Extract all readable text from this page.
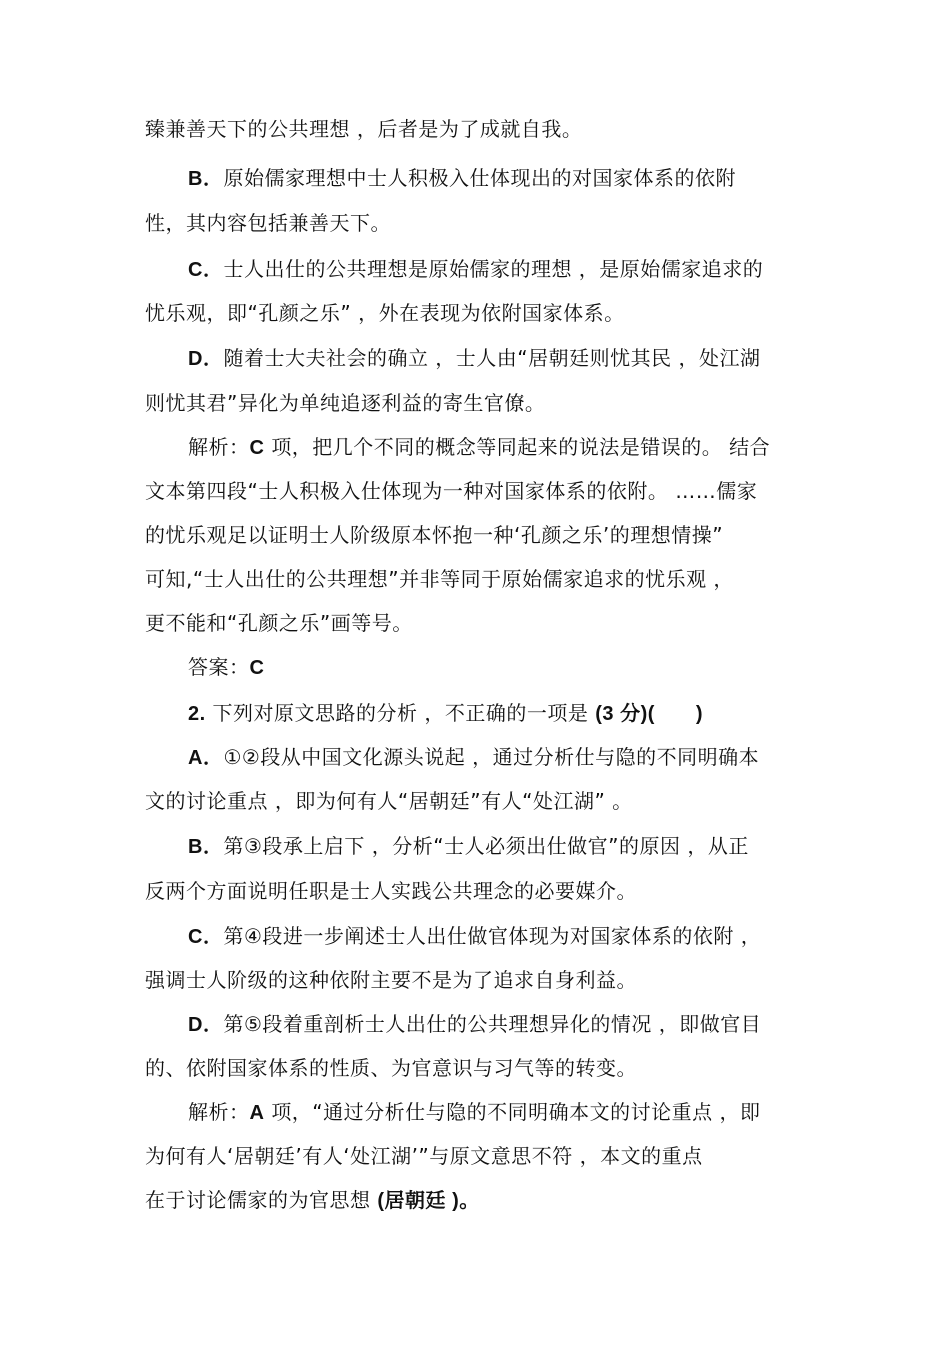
臻兼善天下的公共理想 ，后者是为了成就自我。
B．原始儒家理想中士人积极入仕体现出的对国家体系的依附
性，其内容包括兼善天下。
C．士人出仕的公共理想是原始儒家的理想 ，是原始儒家追求的
忧乐观，即“孔颜之乐” ，外在表现为依附国家体系。
D．随着士大夫社会的确立 ，士人由“居朝廷则忧其民 ，处江湖
则忧其君”异化为单纯追逐利益的寄生官僚。
解析：C 项，把几个不同的概念等同起来的说法是错误的。 结合
文本第四段“士人积极入仕体现为一种对国家体系的依附。 ……儒家
的忧乐观足以证明士人阶级原本怀抱一种‘孔颜之乐’的理想情操”
可知,“士人出仕的公共理想”并非等同于原始儒家追求的忧乐观 ，
更不能和“孔颜之乐”画等号。
答案：C
2. 下列对原文思路的分析 ，不正确的一项是 (3 分)(　　)
A．①②段从中国文化源头说起 ，通过分析仕与隐的不同明确本
文的讨论重点 ，即为何有人“居朝廷”有人“处江湖” 。
B．第③段承上启下 ，分析“士人必须出仕做官”的原因 ，从正
反两个方面说明任职是士人实践公共理念的必要媒介。
C．第④段进一步阐述士人出仕做官体现为对国家体系的依附 ，
强调士人阶级的这种依附主要不是为了追求自身利益。
D．第⑤段着重剖析士人出仕的公共理想异化的情况 ，即做官目
的、依附国家体系的性质、为官意识与习气等的转变。
解析：A 项，“通过分析仕与隐的不同明确本文的讨论重点 ，即
为何有人‘居朝廷’有人‘处江湖’”与原文意思不符 ，本文的重点
在于讨论儒家的为官思想 (居朝廷 )。
